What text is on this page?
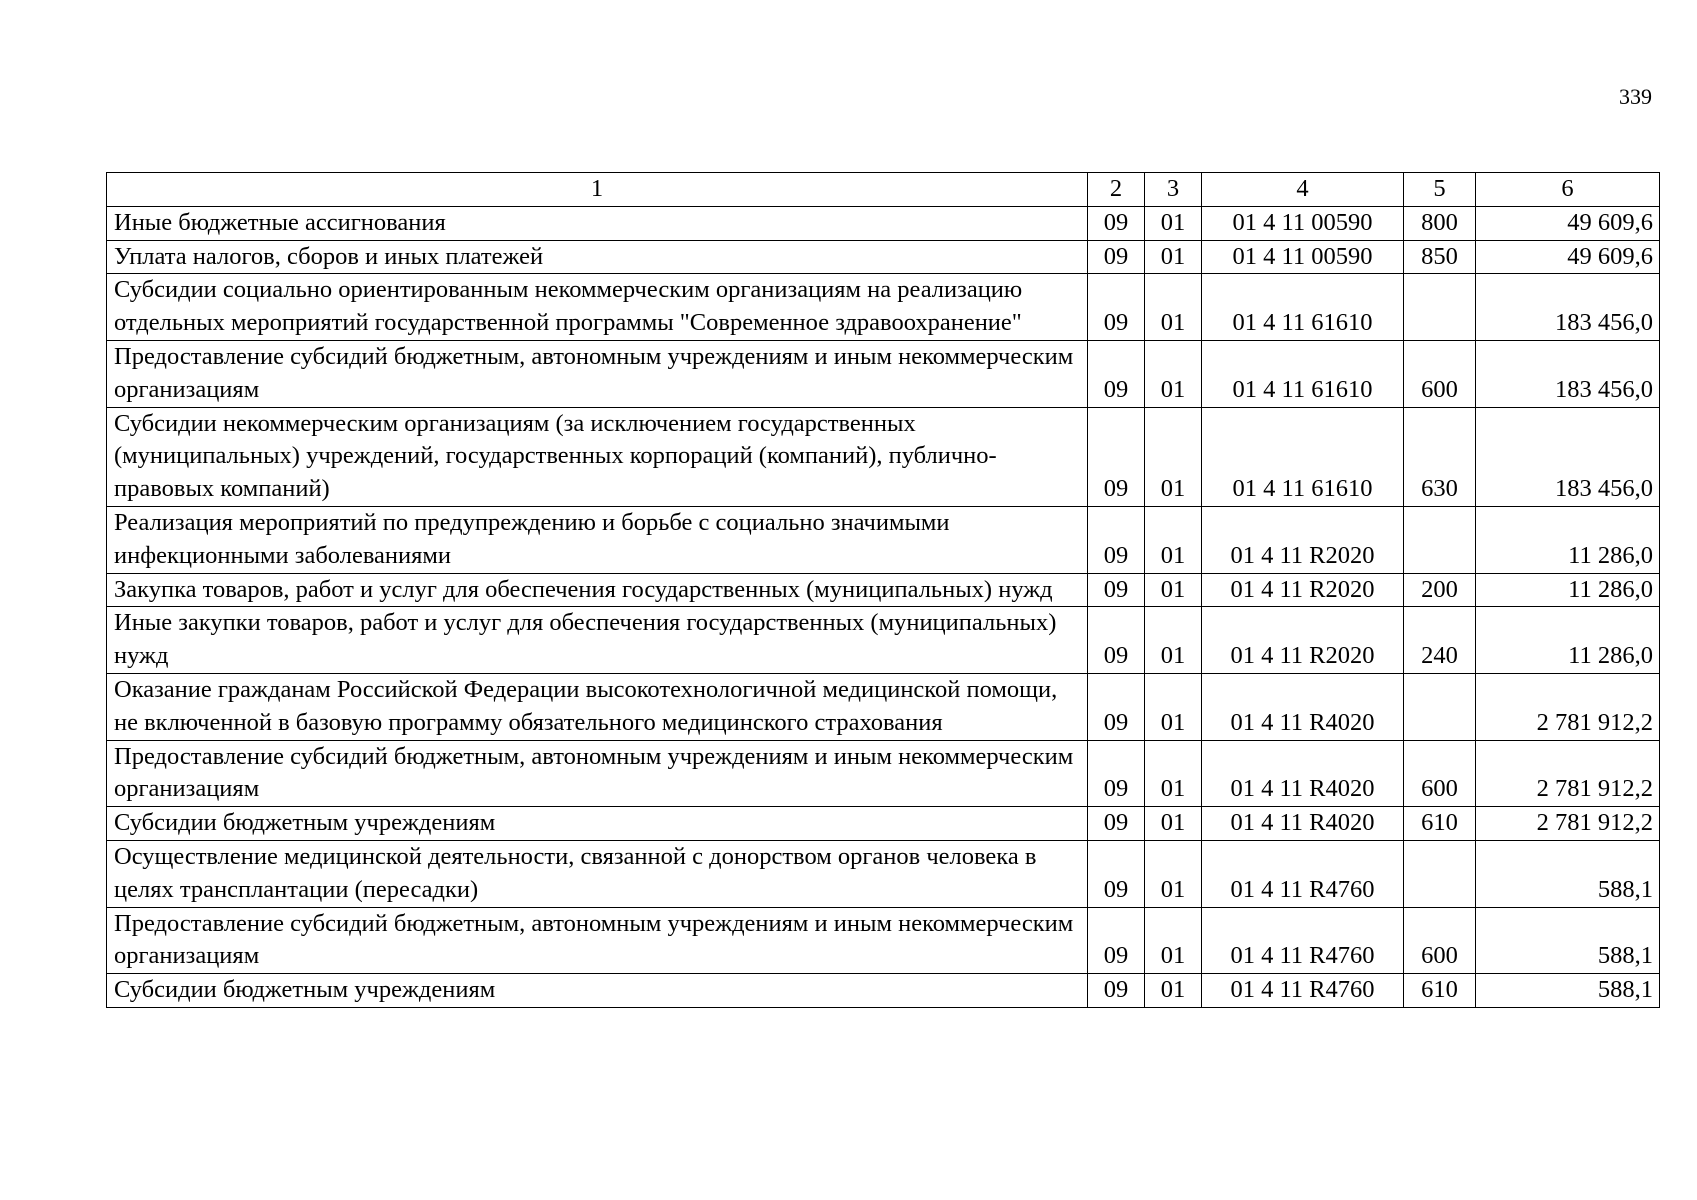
339
1	2	3	4	5	6
Иные бюджетные ассигнования	09	01	01 4 11 00590	800	49 609,6
Уплата налогов, сборов и иных платежей	09	01	01 4 11 00590	850	49 609,6
Субсидии социально ориентированным некоммерческим организациям на реализацию отдельных мероприятий государственной программы "Современное здравоохранение"	09	01	01 4 11 61610		183 456,0
Предоставление субсидий бюджетным, автономным учреждениям и иным некоммерческим организациям	09	01	01 4 11 61610	600	183 456,0
Субсидии некоммерческим организациям (за исключением государственных (муниципальных) учреждений, государственных корпораций (компаний), публично-правовых компаний)	09	01	01 4 11 61610	630	183 456,0
Реализация мероприятий по предупреждению и борьбе с социально значимыми инфекционными заболеваниями	09	01	01 4 11 R2020		11 286,0
Закупка товаров, работ и услуг для обеспечения государственных (муниципальных) нужд	09	01	01 4 11 R2020	200	11 286,0
Иные закупки товаров, работ и услуг для обеспечения государственных (муниципальных) нужд	09	01	01 4 11 R2020	240	11 286,0
Оказание гражданам Российской Федерации высокотехнологичной медицинской помощи, не включенной в базовую программу обязательного медицинского страхования	09	01	01 4 11 R4020		2 781 912,2
Предоставление субсидий бюджетным, автономным учреждениям и иным некоммерческим организациям	09	01	01 4 11 R4020	600	2 781 912,2
Субсидии бюджетным учреждениям	09	01	01 4 11 R4020	610	2 781 912,2
Осуществление медицинской деятельности, связанной с донорством органов человека в целях трансплантации (пересадки)	09	01	01 4 11 R4760		588,1
Предоставление субсидий бюджетным, автономным учреждениям и иным некоммерческим организациям	09	01	01 4 11 R4760	600	588,1
Субсидии бюджетным учреждениям	09	01	01 4 11 R4760	610	588,1
